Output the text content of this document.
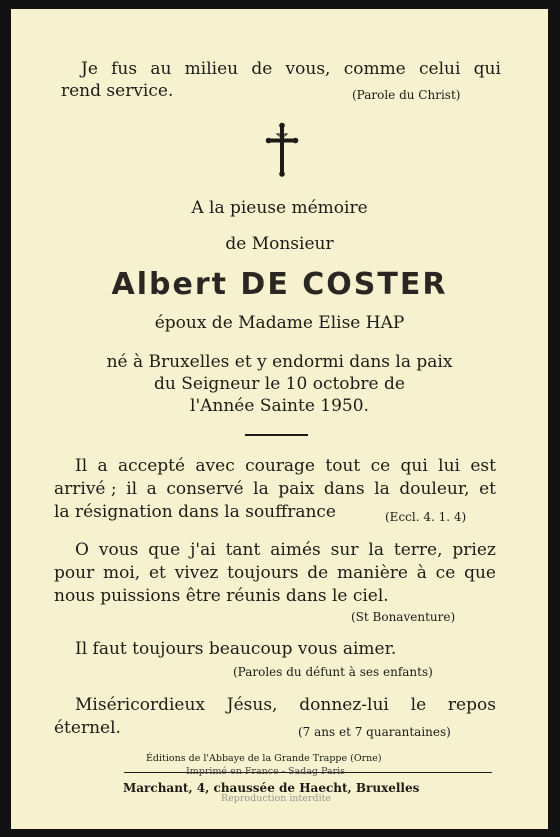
Je fus au milieu de vous, comme celui qui
rend service.	(Parole du Christ)
A la pieuse mémoire
de Monsieur
Albert DE COSTER
époux de Madame Elise HAP
né à Bruxelles et y endormi dans la paix
du Seigneur le 10 octobre de
l'Année Sainte 1950.
Il a accepté avec courage tout ce qui lui est
arrivé ; il a conservé la paix dans la douleur, et
la résignation dans la souffrance	(Eccl. 4. 1. 4)
O vous que j'ai tant aimés sur la terre, priez
pour moi, et vivez toujours de manière à ce que
nous puissions être réunis dans le ciel.
(St Bonaventure)
Il faut toujours beaucoup vous aimer.
(Paroles du défunt à ses enfants)
Miséricordieux Jésus, donnez-lui le repos
éternel.	(7 ans et 7 quarantaines)
Éditions de l'Abbaye de la Grande Trappe (Orne)
Imprimé en France - Sadag Paris
Marchant, 4, chaussée de Haecht, Bruxelles
Reproduction interdite
